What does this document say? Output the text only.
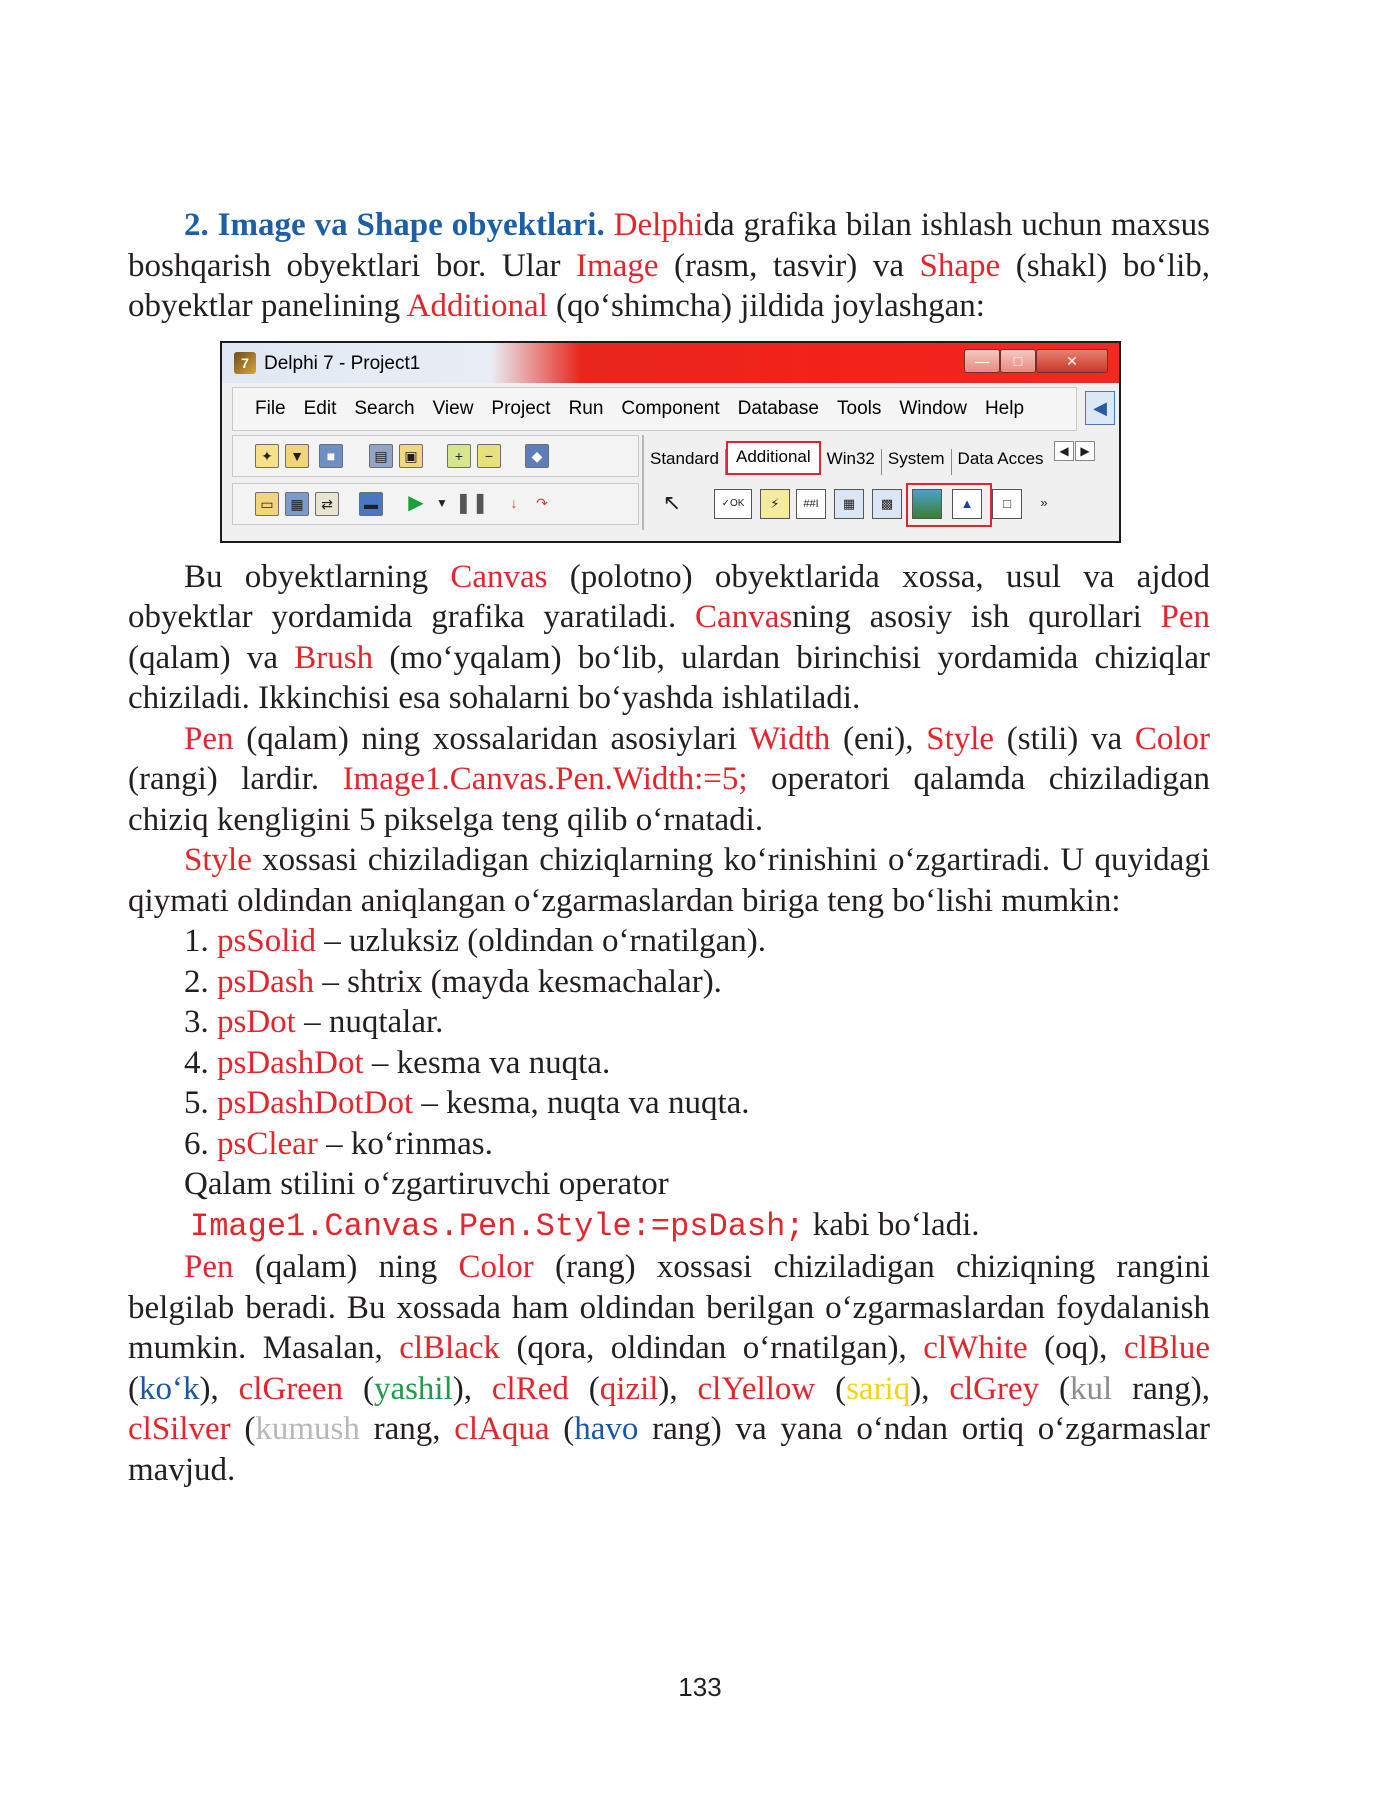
2. Image va Shape obyektlari. Delphida grafika bilan ishlash uchun maxsus boshqarish obyektlari bor. Ular Image (rasm, tasvir) va Shape (shakl) bo‘lib, obyektlar panelining Additional (qo‘shimcha) jildida joylashgan:

7 Delphi 7 - Project1	—	□	✕
File Edit Search View Project Run Component Database Tools Window Help	◀
✦	▼	■	▤	▣	+	−	◆
▭	▦	⇄	▬ ▶	▼ ❚❚	↓	↷
Standard	Additional Win32 System Data Acces	◀ ▶
↖	✓OK	⚡	##I	▦	▩	▲	□	»

Bu obyektlarning Canvas (polotno) obyektlarida xossa, usul va ajdod obyektlar yordamida grafika yaratiladi. Canvasning asosiy ish qurollari Pen (qalam) va Brush (mo‘yqalam) bo‘lib, ulardan birinchisi yordamida chiziqlar chiziladi. Ikkinchisi esa sohalarni bo‘yashda ishlatiladi.

Pen (qalam) ning xossalaridan asosiylari Width (eni), Style (stili) va Color (rangi) lardir. Image1.Canvas.Pen.Width:=5; operatori qalamda chiziladigan chiziq kengligini 5 pikselga teng qilib o‘rnatadi.

Style xossasi chiziladigan chiziqlarning ko‘rinishini o‘zgartiradi. U quyidagi qiymati oldindan aniqlangan o‘zgarmaslardan biriga teng bo‘lishi mumkin:

1. psSolid – uzluksiz (oldindan o‘rnatilgan).

2. psDash – shtrix (mayda kesmachalar).

3. psDot – nuqtalar.

4. psDashDot – kesma va nuqta.

5. psDashDotDot – kesma, nuqta va nuqta.

6. psClear – ko‘rinmas.

Qalam stilini o‘zgartiruvchi operator

Image1.Canvas.Pen.Style:=psDash; kabi bo‘ladi.

Pen (qalam) ning Color (rang) xossasi chiziladigan chiziqning rangini belgilab beradi. Bu xossada ham oldindan berilgan o‘zgarmaslardan foydalanish mumkin. Masalan, clBlack (qora, oldindan o‘rnatilgan), clWhite (oq), clBlue (ko‘k), clGreen (yashil), clRed (qizil), clYellow (sariq), clGrey (kul rang), clSilver (kumush rang, clAqua (havo rang) va yana o‘ndan ortiq o‘zgarmaslar mavjud.

133
